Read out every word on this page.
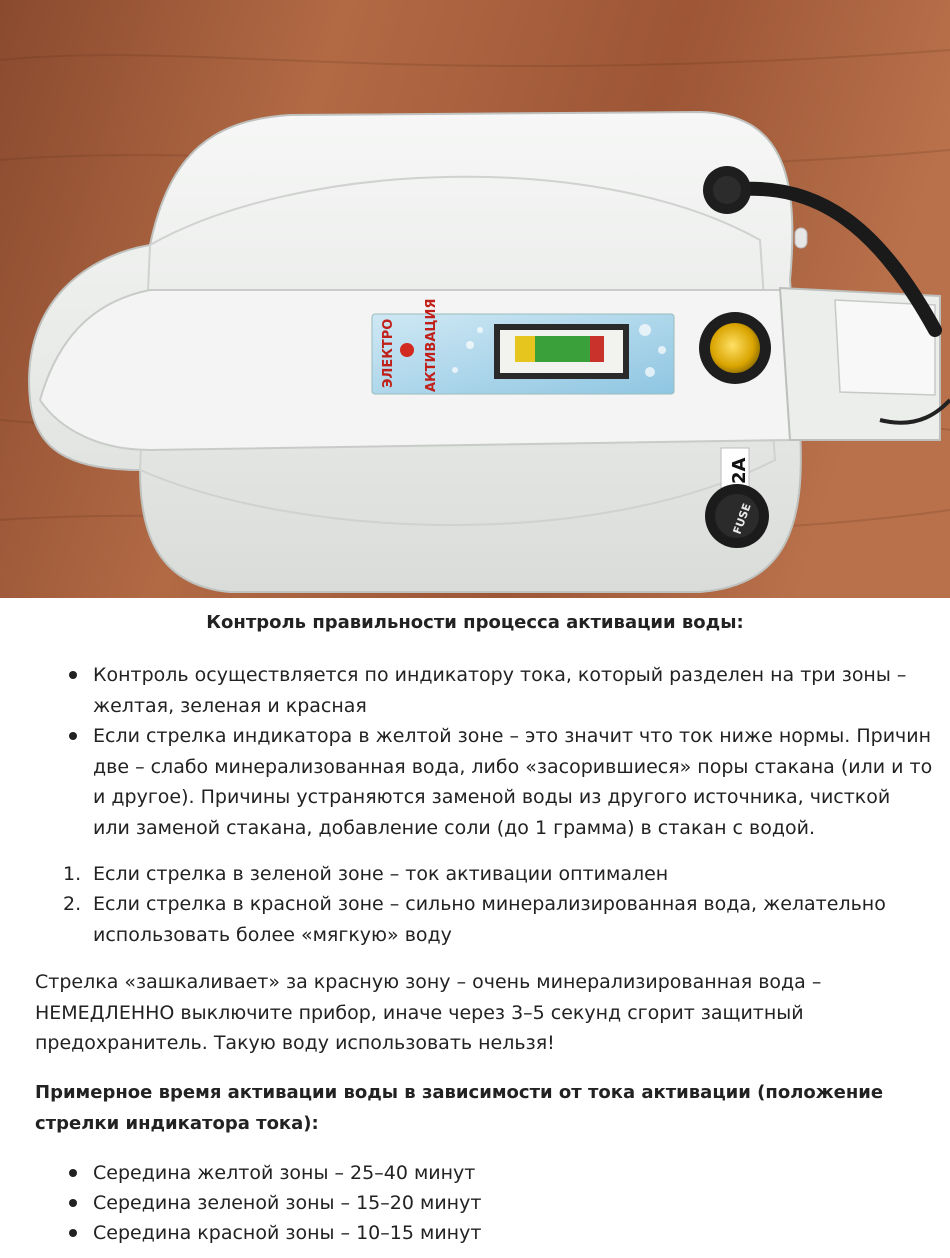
ЭЛЕКТРО АКТИВАЦИЯ
2A
FUSE
Контроль правильности процесса активации воды:
Контроль осуществляется по индикатору тока, который разделен на три зоны – желтая, зеленая и красная
Если стрелка индикатора в желтой зоне – это значит что ток ниже нормы. Причин две – слабо минерализованная вода, либо «засорившиеся» поры стакана (или и то и другое). Причины устраняются заменой воды из другого источника, чисткой или заменой стакана, добавление соли (до 1 грамма) в стакан с водой.
1. Если стрелка в зеленой зоне – ток активации оптимален
2. Если стрелка в красной зоне – сильно минерализированная вода, желательно использовать более «мягкую» воду

Стрелка «зашкаливает» за красную зону – очень минерализированная вода – НЕМЕДЛЕННО выключите прибор, иначе через 3–5 секунд сгорит защитный предохранитель. Такую воду использовать нельзя!

Примерное время активации воды в зависимости от тока активации (положение стрелки индикатора тока):
Середина желтой зоны – 25–40 минут
Середина зеленой зоны – 15–20 минут
Середина красной зоны – 10–15 минут
